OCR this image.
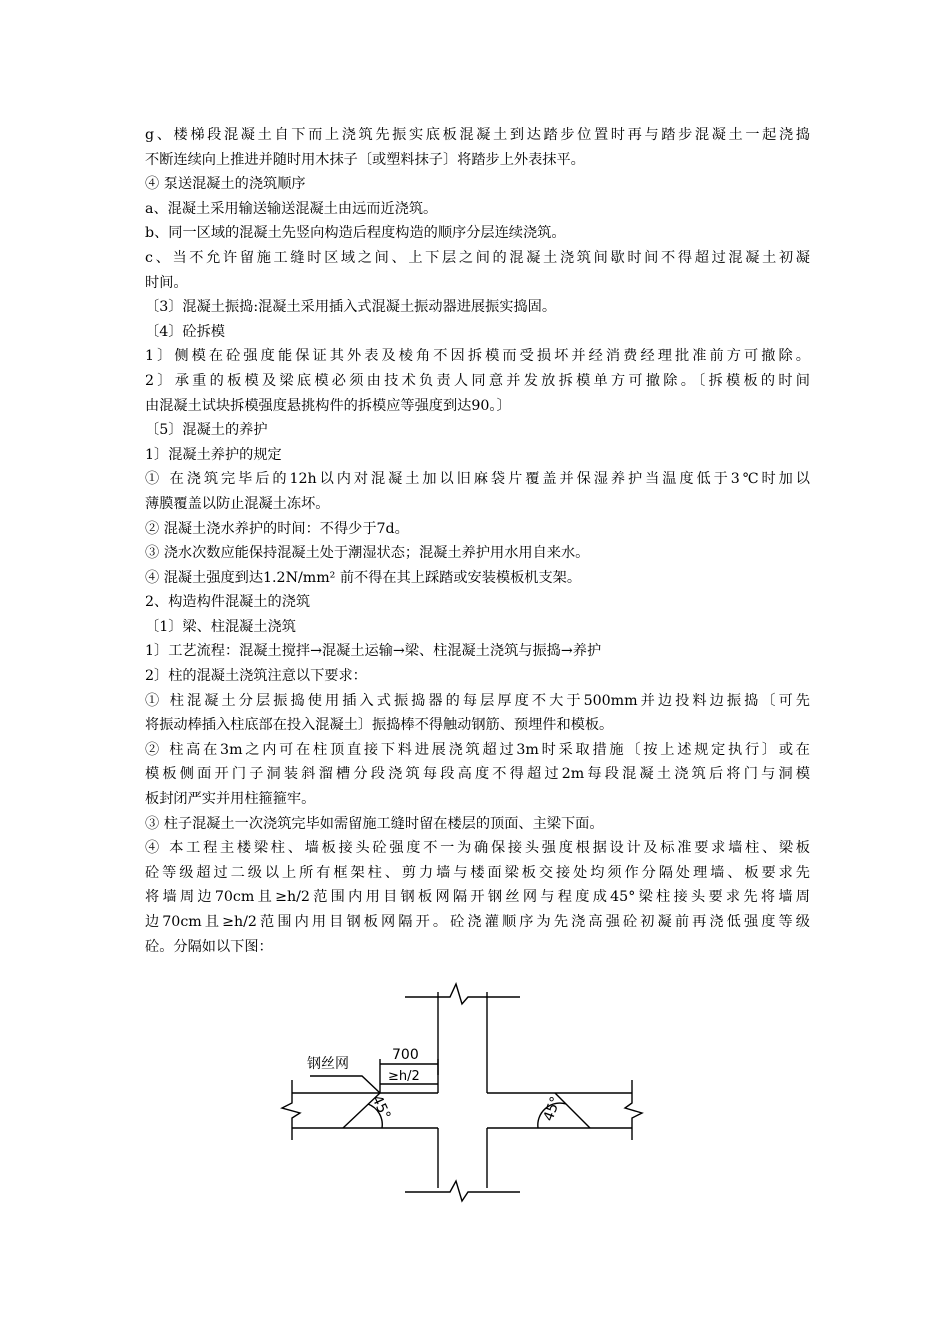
g、楼梯段混凝土自下而上浇筑先振实底板混凝土到达踏步位置时再与踏步混凝土一起浇捣

不断连续向上推进并随时用木抹子〔或塑料抹子〕将踏步上外表抹平。

④ 泵送混凝土的浇筑顺序

a、混凝土采用输送输送混凝土由远而近浇筑。

b、同一区域的混凝土先竖向构造后程度构造的顺序分层连续浇筑。

c、当不允许留施工缝时区域之间、上下层之间的混凝土浇筑间歇时间不得超过混凝土初凝

时间。

〔3〕混凝土振捣:混凝土采用插入式混凝土振动器进展振实捣固。

〔4〕砼拆模

1〕侧模在砼强度能保证其外表及棱角不因拆模而受损坏并经消费经理批准前方可撤除。

2〕承重的板模及梁底模必须由技术负责人同意并发放拆模单方可撤除。〔拆模板的时间

由混凝土试块拆模强度悬挑构件的拆模应等强度到达90。〕

〔5〕混凝土的养护

1〕混凝土养护的规定

① 在浇筑完毕后的12h以内对混凝土加以旧麻袋片覆盖并保湿养护当温度低于3℃时加以

薄膜覆盖以防止混凝土冻坏。

② 混凝土浇水养护的时间：不得少于7d。

③ 浇水次数应能保持混凝土处于潮湿状态；混凝土养护用水用自来水。

④ 混凝土强度到达1.2N/mm² 前不得在其上踩踏或安装模板机支架。

2、构造构件混凝土的浇筑

〔1〕梁、柱混凝土浇筑

1〕工艺流程：混凝土搅拌→混凝土运输→梁、柱混凝土浇筑与振捣→养护

2〕柱的混凝土浇筑注意以下要求：

① 柱混凝土分层振捣使用插入式振捣器的每层厚度不大于500mm并边投料边振捣〔可先

将振动棒插入柱底部在投入混凝土〕振捣棒不得触动钢筋、预埋件和模板。

② 柱高在3m之内可在柱顶直接下料进展浇筑超过3m时采取措施〔按上述规定执行〕或在

模板侧面开门子洞装斜溜槽分段浇筑每段高度不得超过2m每段混凝土浇筑后将门与洞模

板封闭严实并用柱箍箍牢。

③ 柱子混凝土一次浇筑完毕如需留施工缝时留在楼层的顶面、主梁下面。

④ 本工程主楼梁柱、墙板接头砼强度不一为确保接头强度根据设计及标准要求墙柱、梁板

砼等级超过二级以上所有框架柱、剪力墙与楼面梁板交接处均须作分隔处理墙、板要求先

将墙周边70cm且≥h/2范围内用目钢板网隔开钢丝网与程度成45°梁柱接头要求先将墙周

边70cm且≥h/2范围内用目钢板网隔开。砼浇灌顺序为先浇高强砼初凝前再浇低强度等级

砼。分隔如以下图：

钢丝网
700
≥h/2
45°	45°
